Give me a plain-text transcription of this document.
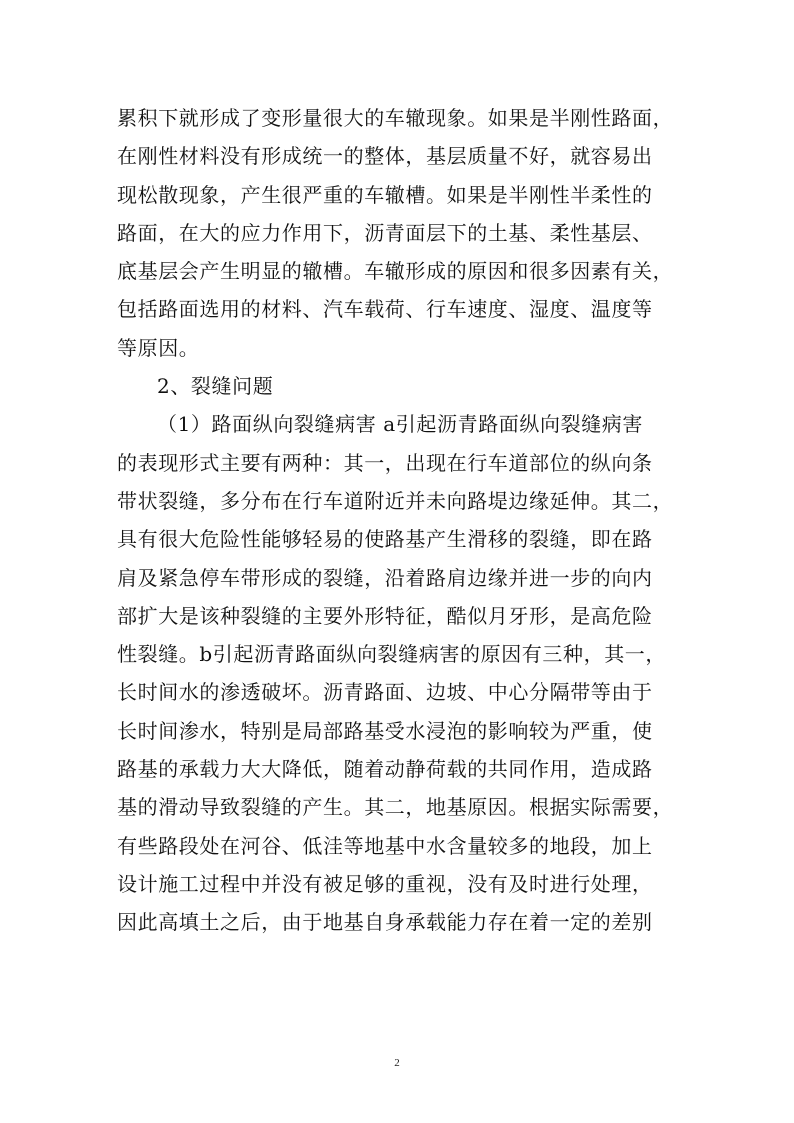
累积下就形成了变形量很大的车辙现象。如果是半刚性路面，
在刚性材料没有形成统一的整体，基层质量不好，就容易出
现松散现象，产生很严重的车辙槽。如果是半刚性半柔性的
路面，在大的应力作用下，沥青面层下的土基、柔性基层、
底基层会产生明显的辙槽。车辙形成的原因和很多因素有关，
包括路面选用的材料、汽车载荷、行车速度、湿度、温度等
等原因。
2、裂缝问题
（1）路面纵向裂缝病害 a引起沥青路面纵向裂缝病害
的表现形式主要有两种：其一，出现在行车道部位的纵向条
带状裂缝，多分布在行车道附近并未向路堤边缘延伸。其二，
具有很大危险性能够轻易的使路基产生滑移的裂缝，即在路
肩及紧急停车带形成的裂缝，沿着路肩边缘并进一步的向内
部扩大是该种裂缝的主要外形特征，酷似月牙形，是高危险
性裂缝。b引起沥青路面纵向裂缝病害的原因有三种，其一，
长时间水的渗透破坏。沥青路面、边坡、中心分隔带等由于
长时间渗水，特别是局部路基受水浸泡的影响较为严重，使
路基的承载力大大降低，随着动静荷载的共同作用，造成路
基的滑动导致裂缝的产生。其二，地基原因。根据实际需要，
有些路段处在河谷、低洼等地基中水含量较多的地段，加上
设计施工过程中并没有被足够的重视，没有及时进行处理，
因此高填土之后，由于地基自身承载能力存在着一定的差别
2
